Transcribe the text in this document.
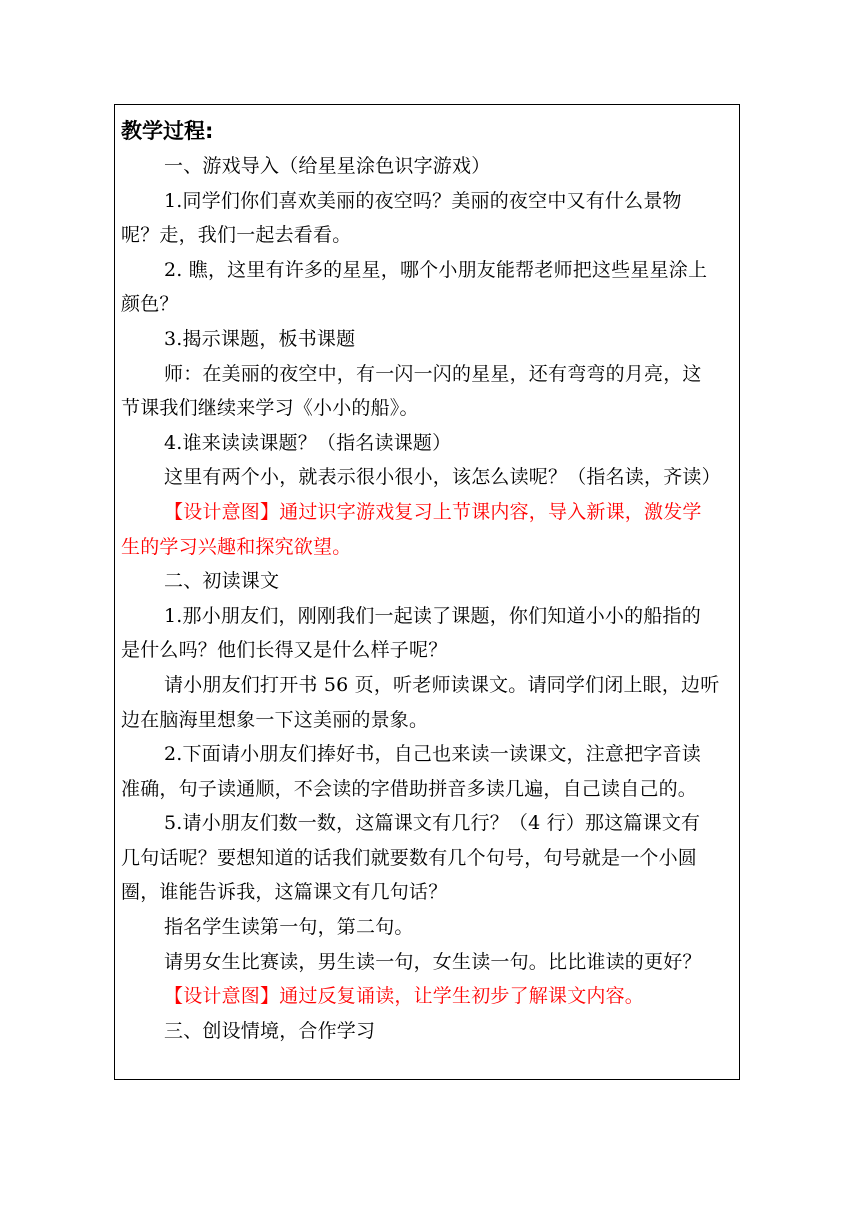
教学过程:
一、游戏导入（给星星涂色识字游戏）
1.同学们你们喜欢美丽的夜空吗？美丽的夜空中又有什么景物
呢？走，我们一起去看看。
2. 瞧，这里有许多的星星，哪个小朋友能帮老师把这些星星涂上
颜色？
3.揭示课题，板书课题
师：在美丽的夜空中，有一闪一闪的星星，还有弯弯的月亮，这
节课我们继续来学习《小小的船》。
4.谁来读读课题？（指名读课题）
这里有两个小，就表示很小很小，该怎么读呢？（指名读，齐读）
【设计意图】通过识字游戏复习上节课内容，导入新课，激发学
生的学习兴趣和探究欲望。
二、初读课文
1.那小朋友们，刚刚我们一起读了课题，你们知道小小的船指的
是什么吗？他们长得又是什么样子呢？
请小朋友们打开书 56 页，听老师读课文。请同学们闭上眼，边听
边在脑海里想象一下这美丽的景象。
2.下面请小朋友们捧好书，自己也来读一读课文，注意把字音读
准确，句子读通顺，不会读的字借助拼音多读几遍，自己读自己的。
5.请小朋友们数一数，这篇课文有几行？（4 行）那这篇课文有
几句话呢？要想知道的话我们就要数有几个句号，句号就是一个小圆
圈，谁能告诉我，这篇课文有几句话？
指名学生读第一句，第二句。
请男女生比赛读，男生读一句，女生读一句。比比谁读的更好？
【设计意图】通过反复诵读，让学生初步了解课文内容。
三、创设情境，合作学习
